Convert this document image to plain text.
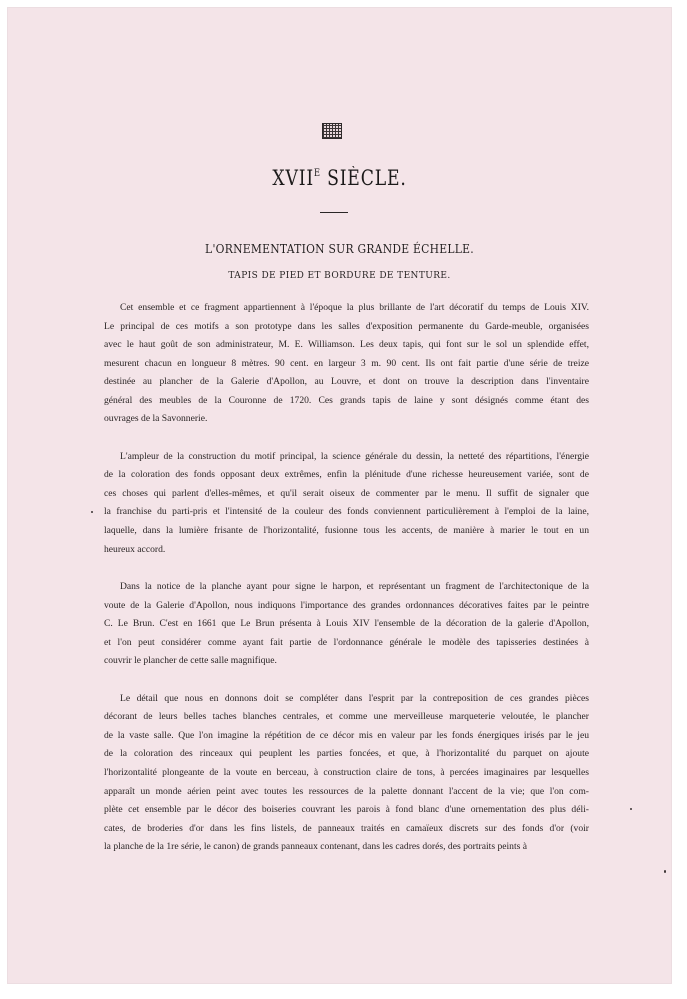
$XVII^E$ SIÈCLE.
L'ORNEMENTATION SUR GRANDE ÉCHELLE.
TAPIS DE PIED ET BORDURE DE TENTURE.
Cet ensemble et ce fragment appartiennent à l'époque la plus brillante de l'art décoratif du temps de Louis XIV.
Le principal de ces motifs a son prototype dans les salles d'exposition permanente du Garde-meuble, organisées
avec le haut goût de son administrateur, M. E. Williamson. Les deux tapis, qui font sur le sol un splendide effet,
mesurent chacun en longueur 8 mètres. 90 cent. en largeur 3 m. 90 cent. Ils ont fait partie d'une série de treize
destinée au plancher de la Galerie d'Apollon, au Louvre, et dont on trouve la description dans l'inventaire
général des meubles de la Couronne de 1720. Ces grands tapis de laine y sont désignés comme étant des
ouvrages de la Savonnerie.
L'ampleur de la construction du motif principal, la science générale du dessin, la netteté des répartitions, l'énergie
de la coloration des fonds opposant deux extrêmes, enfin la plénitude d'une richesse heureusement variée, sont de
ces choses qui parlent d'elles-mêmes, et qu'il serait oiseux de commenter par le menu. Il suffit de signaler que
la franchise du parti-pris et l'intensité de la couleur des fonds conviennent particulièrement à l'emploi de la laine,
laquelle, dans la lumière frisante de l'horizontalité, fusionne tous les accents, de manière à marier le tout en un
heureux accord.
Dans la notice de la planche ayant pour signe le harpon, et représentant un fragment de l'architectonique de la
voute de la Galerie d'Apollon, nous indiquons l'importance des grandes ordonnances décoratives faites par le peintre
C. Le Brun. C'est en 1661 que Le Brun présenta à Louis XIV l'ensemble de la décoration de la galerie d'Apollon,
et l'on peut considérer comme ayant fait partie de l'ordonnance générale le modèle des tapisseries destinées à
couvrir le plancher de cette salle magnifique.
Le détail que nous en donnons doit se compléter dans l'esprit par la contreposition de ces grandes pièces
décorant de leurs belles taches blanches centrales, et comme une merveilleuse marqueterie veloutée, le plancher
de la vaste salle. Que l'on imagine la répétition de ce décor mis en valeur par les fonds énergiques irisés par le jeu
de la coloration des rinceaux qui peuplent les parties foncées, et que, à l'horizontalité du parquet on ajoute
l'horizontalité plongeante de la voute en berceau, à construction claire de tons, à percées imaginaires par lesquelles
apparaît un monde aérien peint avec toutes les ressources de la palette donnant l'accent de la vie; que l'on com-
plète cet ensemble par le décor des boiseries couvrant les parois à fond blanc d'une ornementation des plus déli-
cates, de broderies d'or dans les fins listels, de panneaux traités en camaïeux discrets sur des fonds d'or (voir
la planche de la 1re série, le canon) de grands panneaux contenant, dans les cadres dorés, des portraits peints à
